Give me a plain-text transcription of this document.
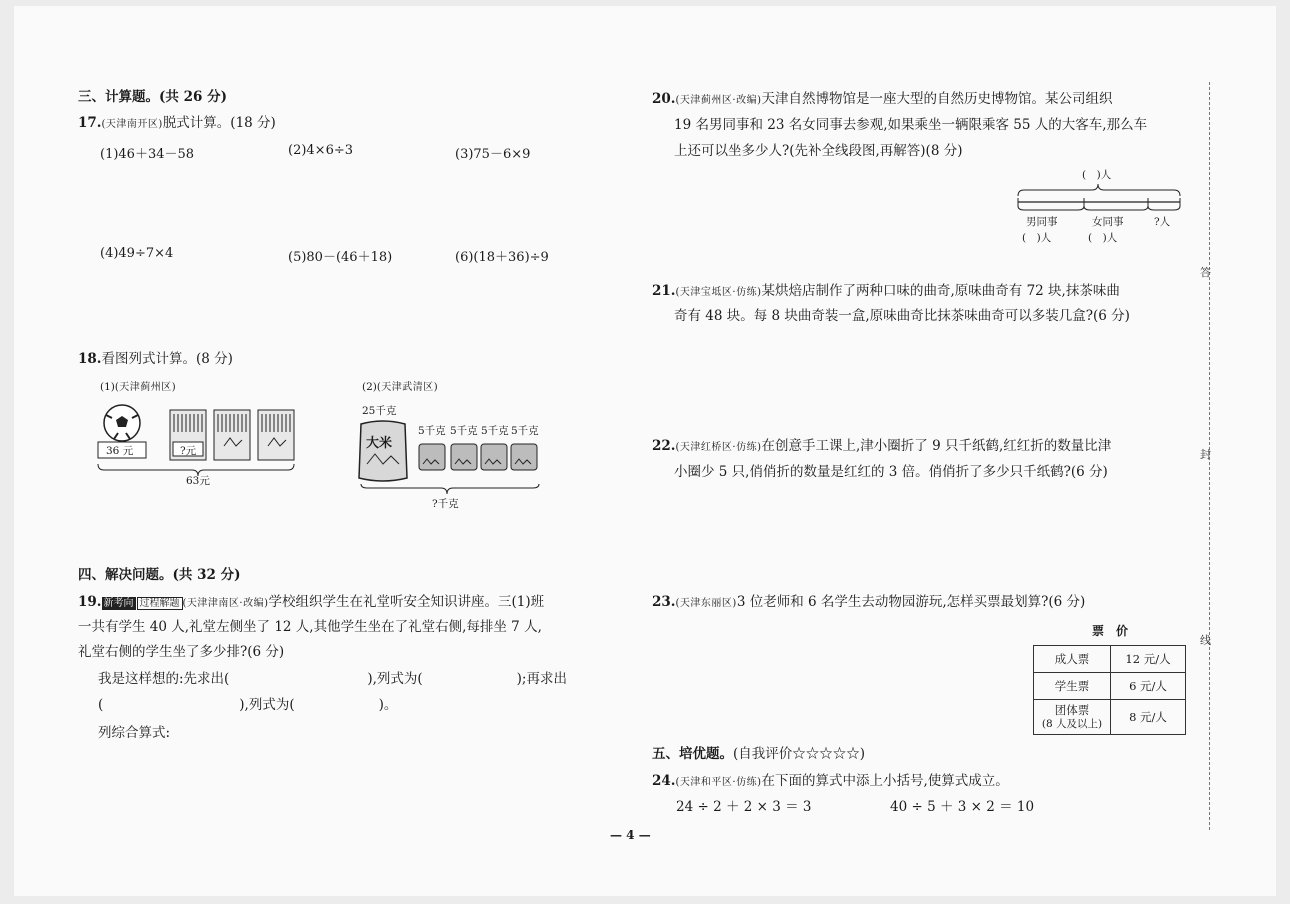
三、计算题。(共 26 分)
17.(天津南开区)脱式计算。(18 分)
(1)46＋34－58	(2)4×6÷3	(3)75－6×9
(4)49÷7×4	(5)80－(46＋18)	(6)(18＋36)÷9
18.看图列式计算。(8 分)
(1)(天津蓟州区)	(2)(天津武清区)
36 元	?元
63元
25千克
大米
5千克 5千克 5千克 5千克
?千克
四、解决问题。(共 32 分)
19. 新考向 过程解题 (天津津南区·改编)学校组织学生在礼堂听安全知识讲座。三(1)班
一共有学生 40 人,礼堂左侧坐了 12 人,其他学生坐在了礼堂右侧,每排坐 7 人,
礼堂右侧的学生坐了多少排?(6 分)
我是这样想的:先求出(	),列式为(	);再求出
(	),列式为(	)。
列综合算式:
20.(天津蓟州区·改编)天津自然博物馆是一座大型的自然历史博物馆。某公司组织
19 名男同事和 23 名女同事去参观,如果乘坐一辆限乘客 55 人的大客车,那么车
上还可以坐多少人?(先补全线段图,再解答)(8 分)
(　)人
男同事	女同事	?人
(　)人	(　)人
21.(天津宝坻区·仿练)某烘焙店制作了两种口味的曲奇,原味曲奇有 72 块,抹茶味曲
奇有 48 块。每 8 块曲奇装一盒,原味曲奇比抹茶味曲奇可以多装几盒?(6 分)
22.(天津红桥区·仿练)在创意手工课上,津小圈折了 9 只千纸鹤,红红折的数量比津
小圈少 5 只,俏俏折的数量是红红的 3 倍。俏俏折了多少只千纸鹤?(6 分)
23.(天津东丽区)3 位老师和 6 名学生去动物园游玩,怎样买票最划算?(6 分)
票　价
成人票	12 元/人
学生票	6 元/人

团体票
(8 人及以上)	8 元/人
五、培优题。(自我评价☆☆☆☆☆)
24.(天津和平区·仿练)在下面的算式中添上小括号,使算式成立。
24 ÷ 2 ＋ 2 × 3 ＝ 3	40 ÷ 5 ＋ 3 × 2 ＝ 10
— 4 —
答
封
线
